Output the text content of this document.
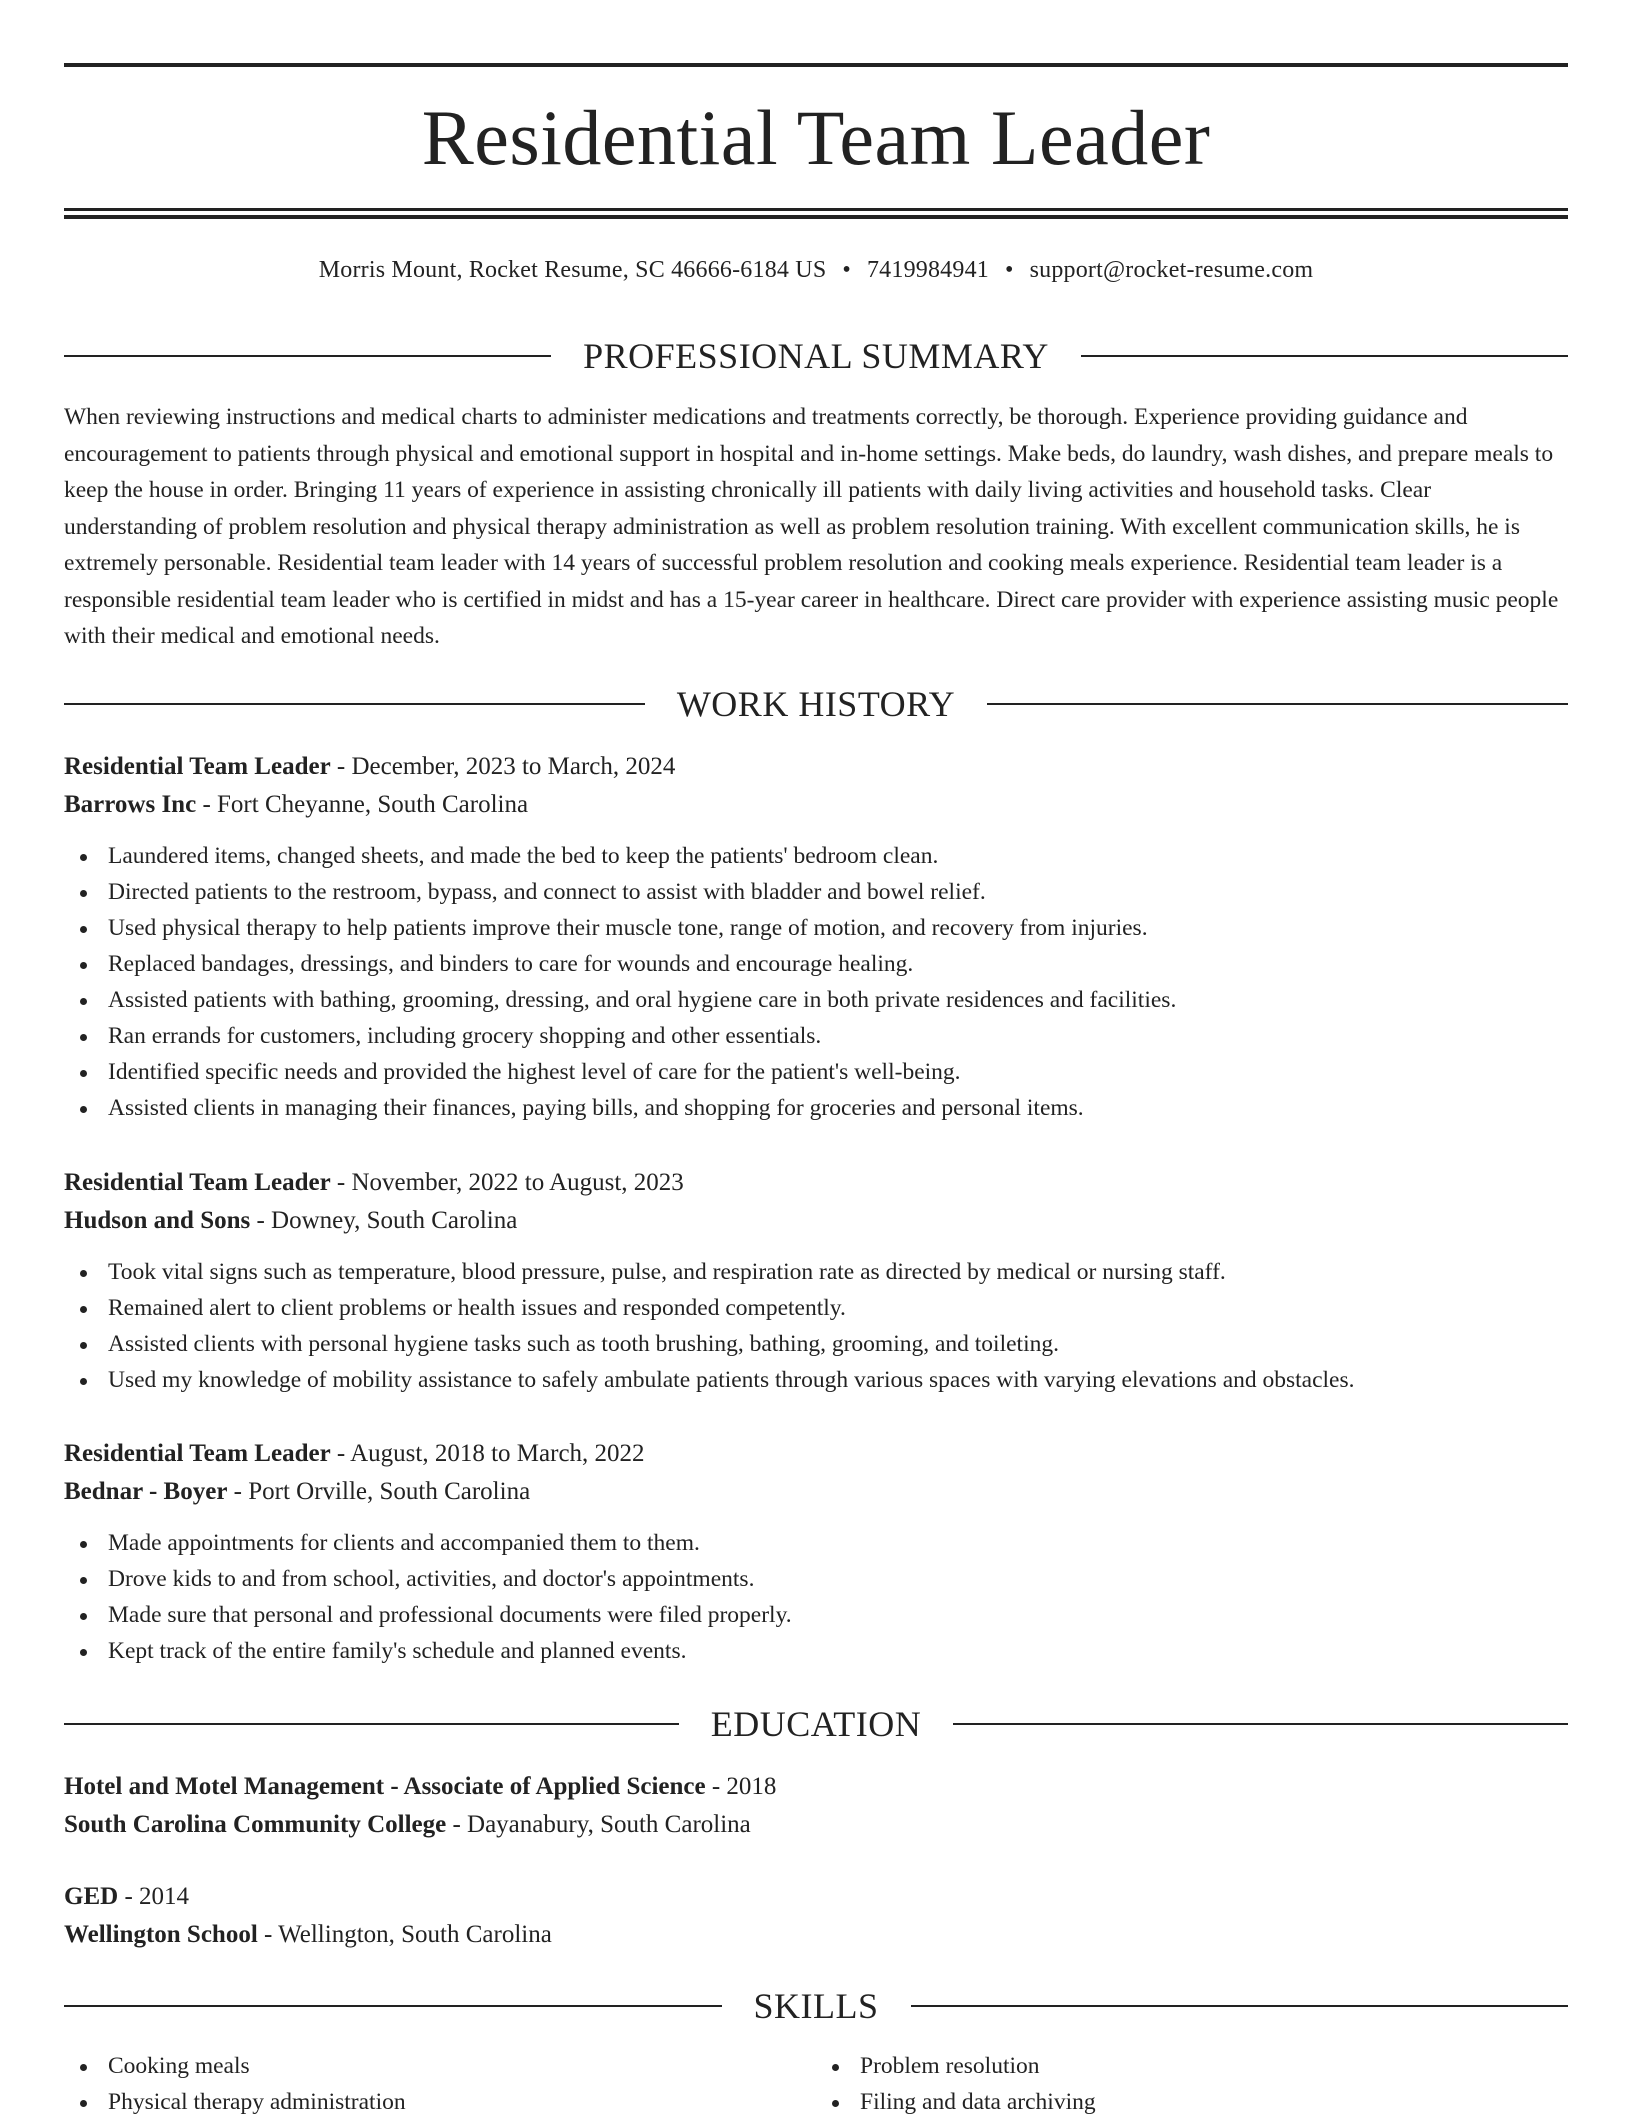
Residential Team Leader
Morris Mount, Rocket Resume, SC 46666-6184 US • 7419984941 • support@rocket-resume.com
PROFESSIONAL SUMMARY

When reviewing instructions and medical charts to administer medications and treatments correctly, be thorough. Experience providing guidance and encouragement to patients through physical and emotional support in hospital and in-home settings. Make beds, do laundry, wash dishes, and prepare meals to keep the house in order. Bringing 11 years of experience in assisting chronically ill patients with daily living activities and household tasks. Clear understanding of problem resolution and physical therapy administration as well as problem resolution training. With excellent communication skills, he is extremely personable. Residential team leader with 14 years of successful problem resolution and cooking meals experience. Residential team leader is a responsible residential team leader who is certified in midst and has a 15-year career in healthcare. Direct care provider with experience assisting music people with their medical and emotional needs.

WORK HISTORY
Residential Team Leader - December, 2023 to March, 2024
Barrows Inc - Fort Cheyanne, South Carolina
Laundered items, changed sheets, and made the bed to keep the patients' bedroom clean.
Directed patients to the restroom, bypass, and connect to assist with bladder and bowel relief.
Used physical therapy to help patients improve their muscle tone, range of motion, and recovery from injuries.
Replaced bandages, dressings, and binders to care for wounds and encourage healing.
Assisted patients with bathing, grooming, dressing, and oral hygiene care in both private residences and facilities.
Ran errands for customers, including grocery shopping and other essentials.
Identified specific needs and provided the highest level of care for the patient's well-being.
Assisted clients in managing their finances, paying bills, and shopping for groceries and personal items.
Residential Team Leader - November, 2022 to August, 2023
Hudson and Sons - Downey, South Carolina
Took vital signs such as temperature, blood pressure, pulse, and respiration rate as directed by medical or nursing staff.
Remained alert to client problems or health issues and responded competently.
Assisted clients with personal hygiene tasks such as tooth brushing, bathing, grooming, and toileting.
Used my knowledge of mobility assistance to safely ambulate patients through various spaces with varying elevations and obstacles.
Residential Team Leader - August, 2018 to March, 2022
Bednar - Boyer - Port Orville, South Carolina
Made appointments for clients and accompanied them to them.
Drove kids to and from school, activities, and doctor's appointments.
Made sure that personal and professional documents were filed properly.
Kept track of the entire family's schedule and planned events.
EDUCATION
Hotel and Motel Management - Associate of Applied Science - 2018
South Carolina Community College - Dayanabury, South Carolina
GED - 2014
Wellington School - Wellington, South Carolina
SKILLS
Cooking meals
Physical therapy administration
Problem resolution
Filing and data archiving
